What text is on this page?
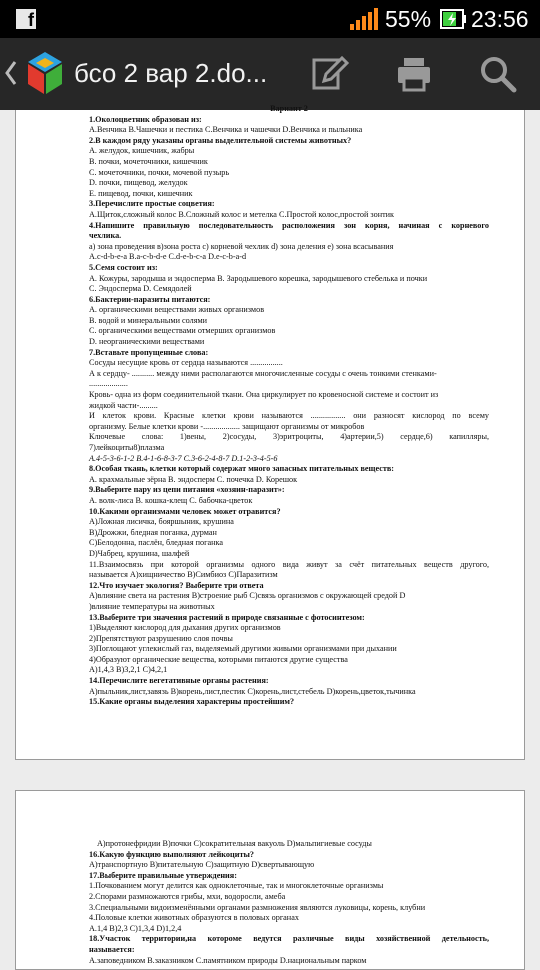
f	55% 23:56
бсо 2 вар 2.do...
Вариант 2
1.Околоцветник образован из:
А.Венчика В.Чашечки и пестика С.Венчика и чашечки D.Венчика и пыльника
2.В каждом ряду указаны органы выделительной системы животных?
А. желудок, кишечник, жабры
В. почки, мочеточники, кишечник
С. мочеточники, почки, мочевой пузырь
D. почки, пищевод, желудок
Е. пищевод, почки, кишечник
3.Перечислите простые соцветия:
А.Щиток,сложный колос В.Сложный колос и метелка С.Простой колос,простой зонтик
4.Напишите правильную последовательность расположения зон корня, начиная с корневого
чехлика.
а) зона проведения в)зона роста с) корневой чехлик d) зона деления е) зона всасывания
А.c-d-b-e-a B.a-c-b-d-e C.d-e-b-c-a D.e-c-b-a-d
5.Семя состоит из:
А. Кожуры, зародыша и эндосперма В. Зародышевого корешка, зародышевого стебелька и почки
С. Эндосперма D. Семядолей
6.Бактерии-паразиты питаются:
А. органическими веществами живых организмов
В. водой и минеральными солями
С. органическими веществами отмерших организмов
D. неорганическими веществами
7.Вставьте пропущенные слова:
Сосуды несущие кровь от сердца называются ................
А к сердцу- ........... между ними располагаются многочисленные сосуды с очень тонкими стенками-
...................
Кровь- одна из форм соединительной ткани. Она циркулирует по кровеносной системе и состоит из
жидкой части-.........
И клеток крови. Красные клетки крови называются ................. они разносят кислород по всему
организму. Белые клетки крови -.................. защищают организмы от микробов
Ключевые слова: 1)вены, 2)сосуды, 3)эритроциты, 4)артерии,5) сердце,6) капилляры,
7)лейкоциты8)плазма
А.4-5-3-6-1-2 В.4-1-6-8-3-7 С.3-6-2-4-8-7 D.1-2-3-4-5-6
8.Особая ткань, клетки который содержат много запасных питательных веществ:
А. крахмальные зёрна В. эндосперм С. почечка D. Корешок
9.Выберите пару из цепи питания «хозяин-паразит»:
А. волк-лиса В. кошка-клещ С. бабочка-цветок
10.Какими организмами человек может отравится?
А)Ложная лисичка, бояршыник, крушина
В)Дрожжи, бледная поганка, дурман
С)Белодонна, паслён, бледная поганка
D)Чабрец, крушина, шалфей
11.Взаимосвязь при которой организмы одного вида живут за счёт питательных веществ другого,
называется А)хищничество В)Симбиоз С)Паразитизм
12.Что изучает экология? Выберите три ответа
А)влияние света на растения В)строение рыб С)связь организмов с окружающей средой D
)влияние температуры на животных
13.Выберите три значения растений в природе связанные с фотосинтезом:
1)Выделяют кислород для дыхания других организмов
2)Препятствуют разрушению слоя почвы
3)Поглощают углекислый газ, выделяемый другими живыми организмами при дыхании
4)Образуют органические вещества, которыми питаются другие существа
А)1,4,3 В)3,2,1 С)4,2,1
14.Перечислите вегетативные органы растения:
А)пыльник,лист,завязь В)корень,лист,пестик С)корень,лист,стебель D)корень,цветок,тычинка
15.Какие органы выделения характерны простейшим?
А)протонефридии В)почки С)сократительная вакуоль D)мальпигиевые сосуды
16.Какую функцию выполняют лейкоциты?
А)транспортную В)питательную С)защитную D)свертывающую
17.Выберите правильные утверждения:
1.Почкованием могут делится как одноклеточные, так и многоклеточные организмы
2.Спорами размножаются грибы, мхи, водоросли, амеба
3.Специальными видоизменёнными органами размножения являются луковицы, корень, клубни
4.Половые клетки животных образуются в половых органах
А.1,4 В)2,3 С)1,3,4 D)1,2,4
18.Участок территории,на котороме ведутся различные виды хозяйственной детельность,
называется:
А.заповедником В.заказником С.памятником природы D.национальным парком
